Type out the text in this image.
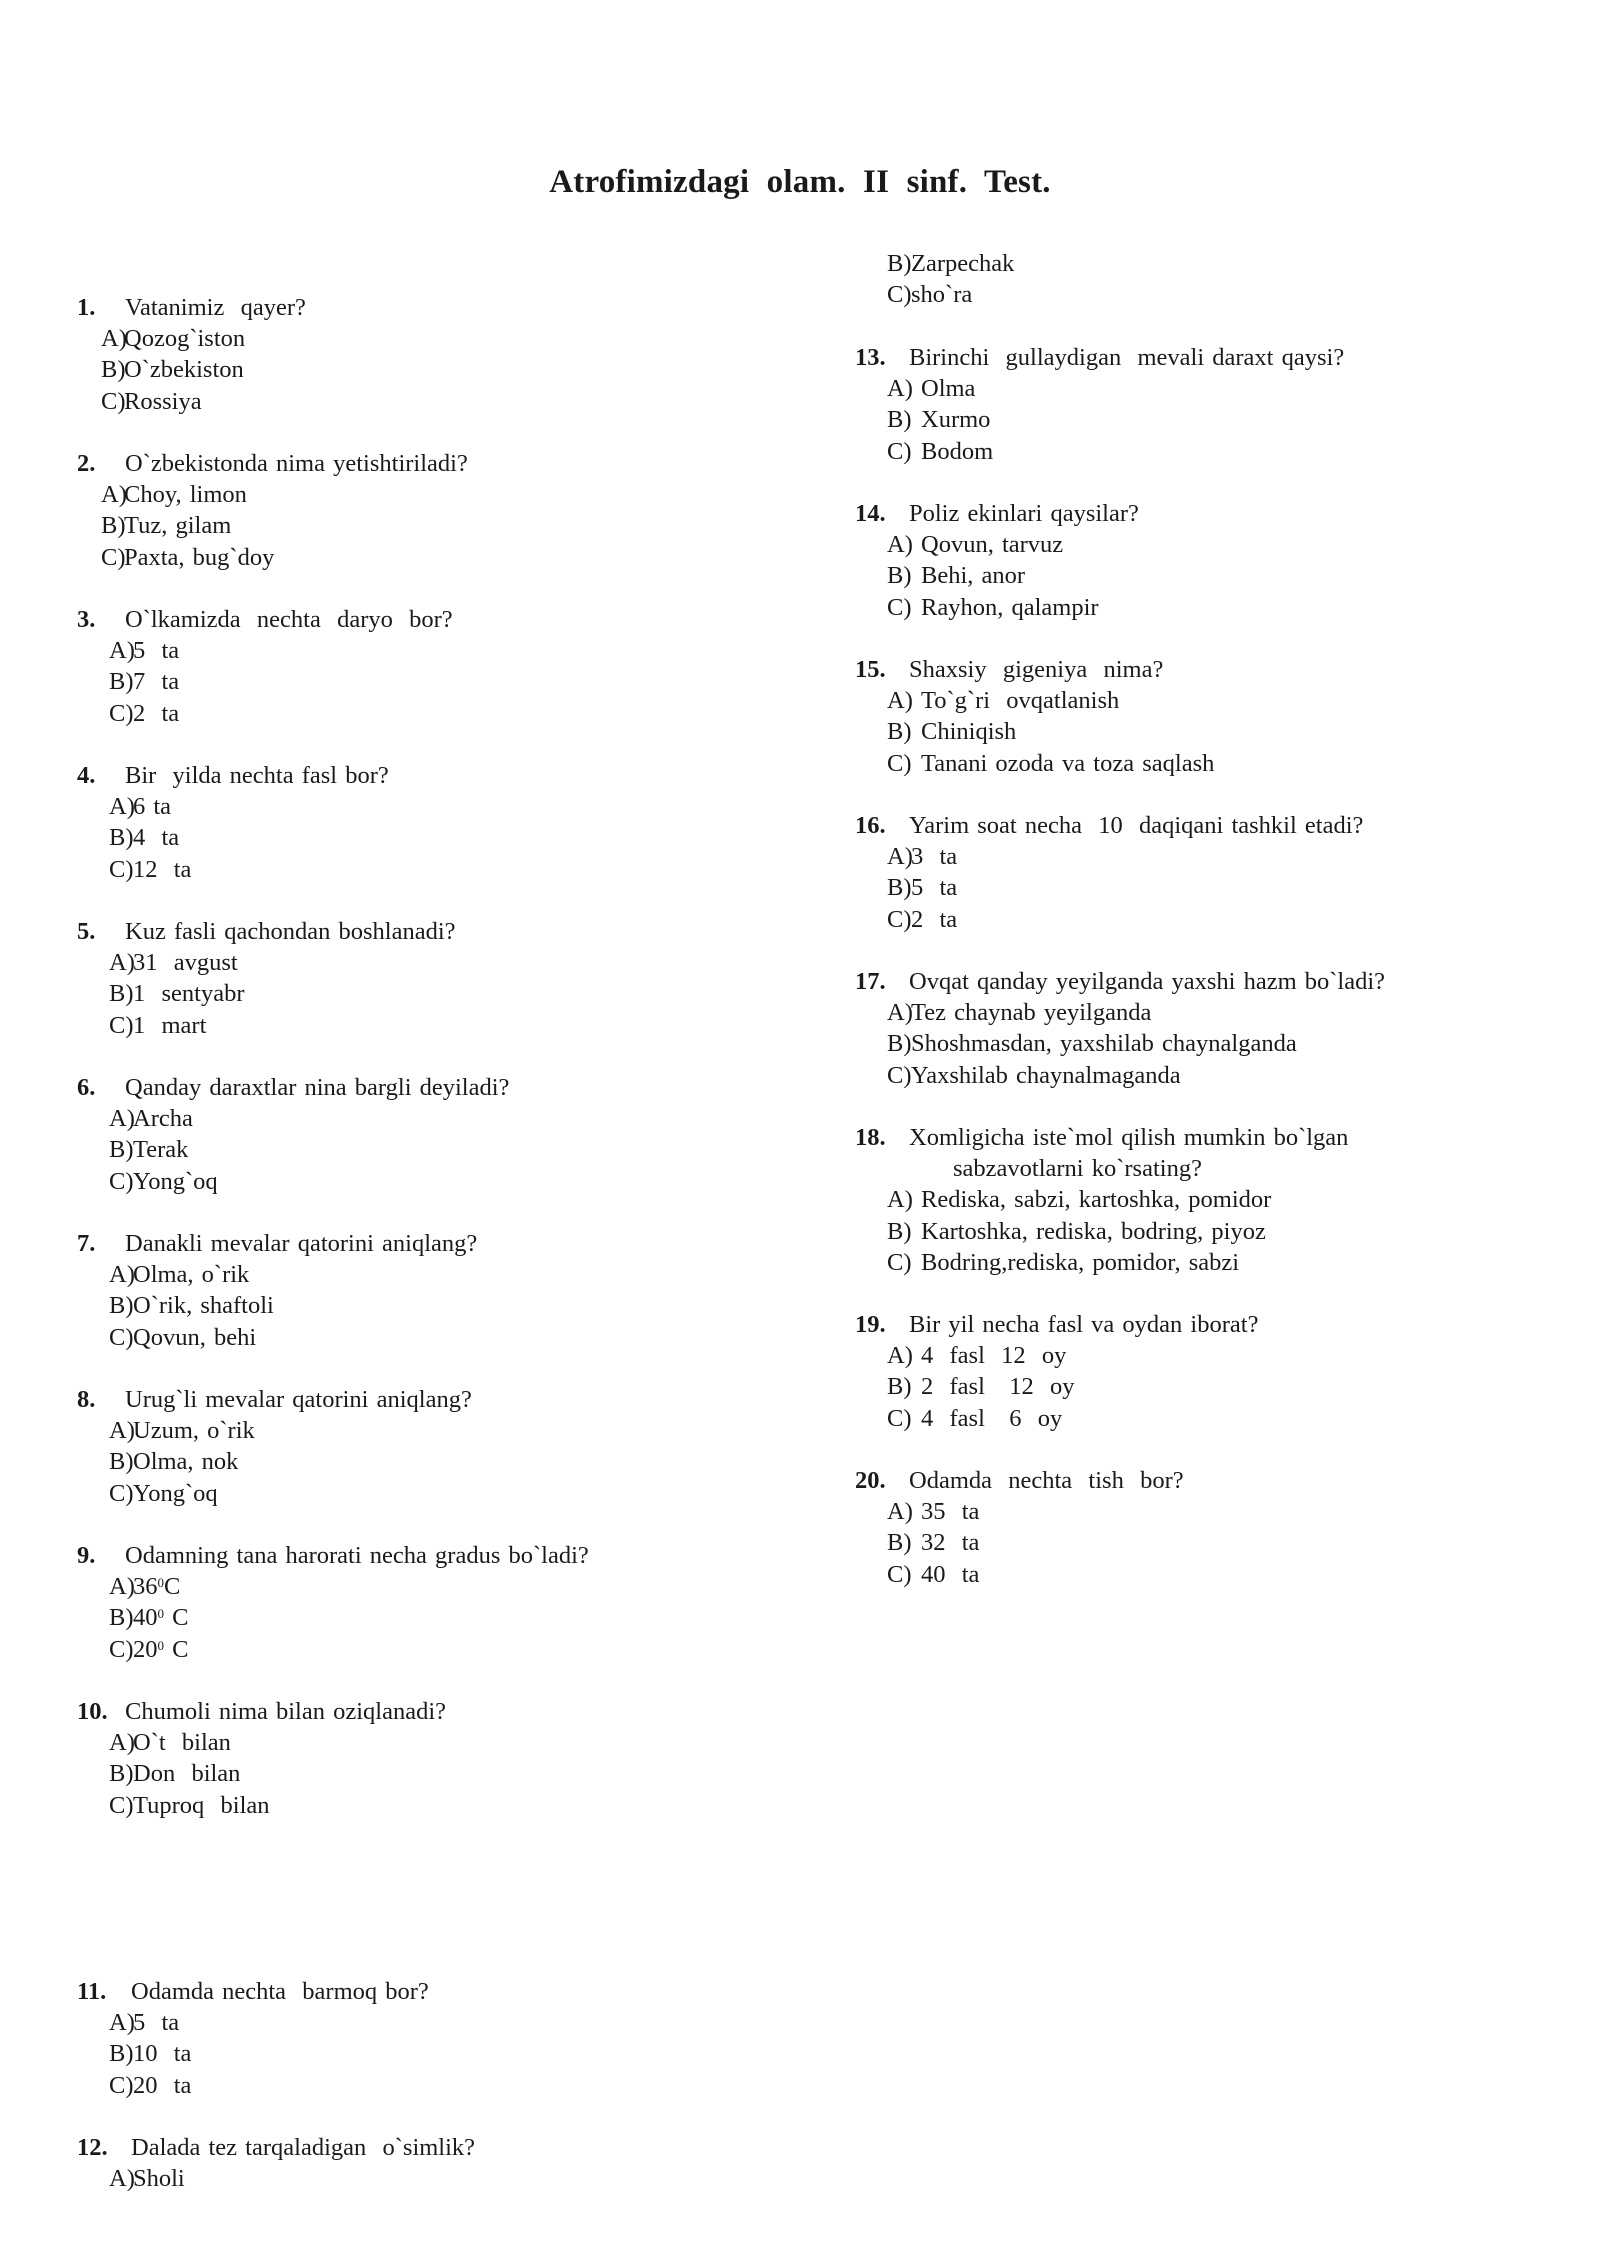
Atrofimizdagi olam. II sinf. Test.
1. Vatanimiz  qayer?
A)
Qozog`iston
B)
O`zbekiston
C)
Rossiya
2. O`zbekistonda nima yetishtiriladi?
A)
Choy, limon
B)
Tuz, gilam
C)
Paxta, bug`doy
3. O`lkamizda  nechta  daryo  bor?
A)
5  ta
B) 7  ta
C) 2  ta
4. Bir  yilda nechta fasl bor?
A)
6 ta
B) 4  ta
C) 12  ta
5. Kuz fasli qachondan boshlanadi?
A)
31  avgust
B) 1  sentyabr
C) 1  mart
6. Qanday daraxtlar nina bargli deyiladi?
A)
Archa
B) Terak
C) Yong`oq
7. Danakli mevalar qatorini aniqlang?
A)
Olma, o`rik
B) O`rik, shaftoli
C) Qovun, behi
8. Urug`li mevalar qatorini aniqlang?
A)
Uzum, o`rik
B) Olma, nok
C) Yong`oq
9. Odamning tana harorati necha gradus bo`ladi?
A)
$36^0C$
B) $40^0$ C
C) $20^0$ C
10. Chumoli nima bilan oziqlanadi?
A)
O`t  bilan
B) Don  bilan
C) Tuproq  bilan
11. Odamda nechta  barmoq bor?
A)
5  ta
B) 10  ta
C) 20  ta
12. Dalada tez tarqaladigan  o`simlik?
A)
Sholi
13. Birinchi  gullaydigan  mevali daraxt qaysi?
A) Olma
B) Xurmo
C) Bodom
14. Poliz ekinlari qaysilar?
A) Qovun, tarvuz
B) Behi, anor
C) Rayhon, qalampir
15. Shaxsiy  gigeniya  nima?
A) To`g`ri  ovqatlanish
B) Chiniqish
C) Tanani ozoda va toza saqlash
16. Yarim soat necha  10  daqiqani tashkil etadi?
A)
3  ta
B) 5  ta
C) 2  ta
17. Ovqat qanday yeyilganda yaxshi hazm bo`ladi?
A)
Tez chaynab yeyilganda
B) Shoshmasdan, yaxshilab chaynalganda
C) Yaxshilab chaynalmaganda
18. Xomligicha iste`mol qilish mumkin bo`lgan
sabzavotlarni ko`rsating?
A) Rediska, sabzi, kartoshka, pomidor
B) Kartoshka, rediska, bodring, piyoz
C) Bodring,rediska, pomidor, sabzi
19. Bir yil necha fasl va oydan iborat?
A) 4  fasl  12  oy
B) 2  fasl   12  oy
C) 4  fasl   6  oy
20. Odamda  nechta  tish  bor?
A) 35  ta
B) 32  ta
C) 40  ta
B) Zarpechak
C) sho`ra
